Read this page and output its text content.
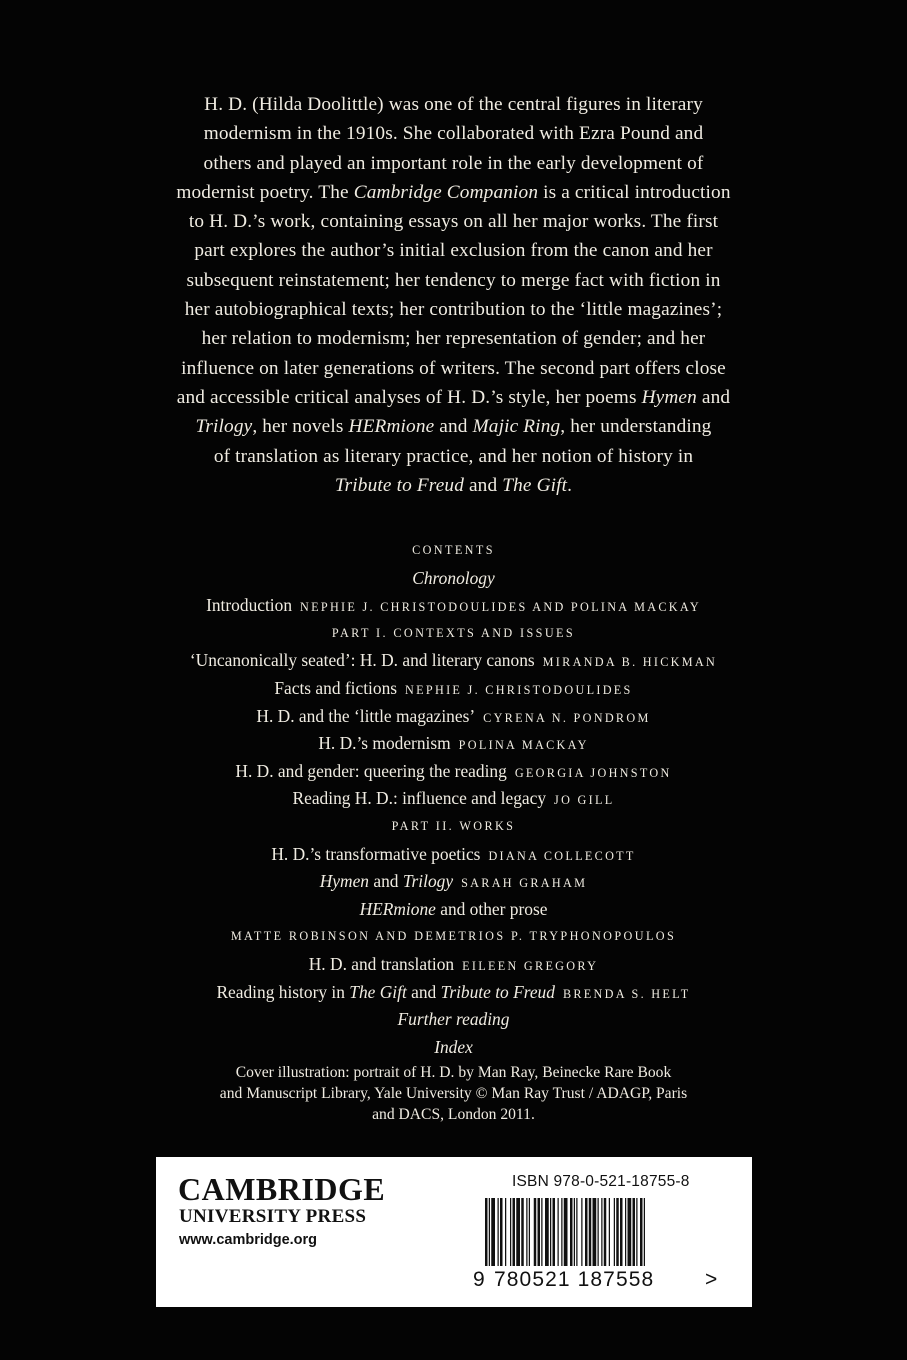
H. D. (Hilda Doolittle) was one of the central figures in literary
modernism in the 1910s. She collaborated with Ezra Pound and
others and played an important role in the early development of
modernist poetry. The Cambridge Companion is a critical introduction
to H. D.’s work, containing essays on all her major works. The first
part explores the author’s initial exclusion from the canon and her
subsequent reinstatement; her tendency to merge fact with fiction in
her autobiographical texts; her contribution to the ‘little magazines’;
her relation to modernism; her representation of gender; and her
influence on later generations of writers. The second part offers close
and accessible critical analyses of H. D.’s style, her poems Hymen and
Trilogy, her novels HERmione and Majic Ring, her understanding
of translation as literary practice, and her notion of history in
Tribute to Freud and The Gift.
CONTENTS
Chronology
Introduction NEPHIE J. CHRISTODOULIDES AND POLINA MACKAY
PART I. CONTEXTS AND ISSUES
‘Uncanonically seated’: H. D. and literary canons MIRANDA B. HICKMAN
Facts and fictions NEPHIE J. CHRISTODOULIDES
H. D. and the ‘little magazines’ CYRENA N. PONDROM
H. D.’s modernism POLINA MACKAY
H. D. and gender: queering the reading GEORGIA JOHNSTON
Reading H. D.: influence and legacy JO GILL
PART II. WORKS
H. D.’s transformative poetics DIANA COLLECOTT
Hymen and Trilogy SARAH GRAHAM
HERmione and other prose
MATTE ROBINSON AND DEMETRIOS P. TRYPHONOPOULOS
H. D. and translation EILEEN GREGORY
Reading history in The Gift and Tribute to Freud BRENDA S. HELT
Further reading
Index
Cover illustration: portrait of H. D. by Man Ray, Beinecke Rare Book
and Manuscript Library, Yale University © Man Ray Trust / ADAGP, Paris
and DACS, London 2011.
CAMBRIDGE
UNIVERSITY PRESS
www.cambridge.org
ISBN 978-0-521-18755-8
9 780521 187558	>
